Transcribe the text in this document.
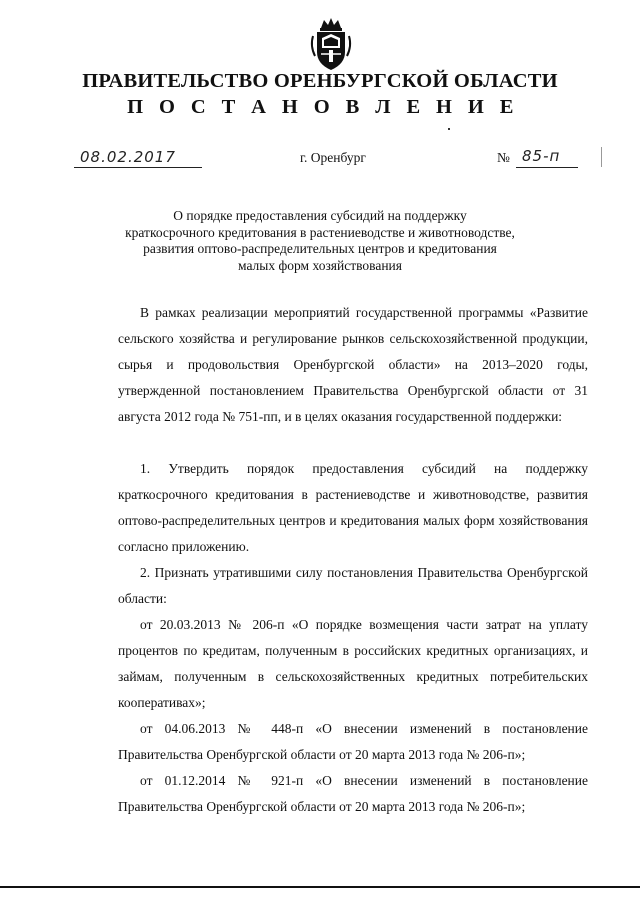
ПРАВИТЕЛЬСТВО ОРЕНБУРГСКОЙ ОБЛАСТИ
П О С Т А Н О В Л Е Н И Е
08.02.2017	г. Оренбург	№ 85-п
О порядке предоставления субсидий на поддержку
краткосрочного кредитования в растениеводстве и животноводстве,
развития оптово-распределительных центров и кредитования
малых форм хозяйствования

В рамках реализации мероприятий государственной программы «Развитие сельского хозяйства и регулирование рынков сельскохозяйственной продукции, сырья и продовольствия Оренбургской области» на 2013–2020 годы, утвержденной постановлением Правительства Оренбургской области от 31 августа 2012 года № 751-пп, и в целях оказания государственной поддержки:

1. Утвердить порядок предоставления субсидий на поддержку краткосрочного кредитования в растениеводстве и животноводстве, развития оптово-распределительных центров и кредитования малых форм хозяйствования согласно приложению.

2. Признать утратившими силу постановления Правительства Оренбургской области:

от 20.03.2013 № 206-п «О порядке возмещения части затрат на уплату процентов по кредитам, полученным в российских кредитных организациях, и займам, полученным в сельскохозяйственных кредитных потребительских кооперативах»;

от 04.06.2013 № 448-п «О внесении изменений в постановление Правительства Оренбургской области от 20 марта 2013 года № 206-п»;

от 01.12.2014 № 921-п «О внесении изменений в постановление Правительства Оренбургской области от 20 марта 2013 года № 206-п»;
